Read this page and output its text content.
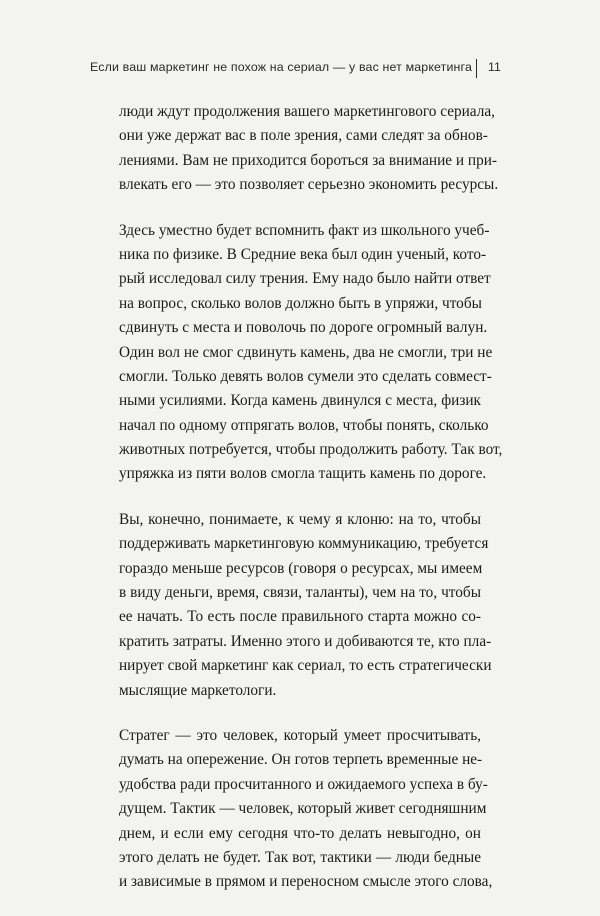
Если ваш маркетинг не похож на сериал — у вас нет маркетинга 11
люди ждут продолжения вашего маркетингового сериала,
они уже держат вас в поле зрения, сами следят за обнов-
лениями. Вам не приходится бороться за внимание и при-
влекать его — это позволяет серьезно экономить ресурсы.
Здесь уместно будет вспомнить факт из школьного учеб-
ника по физике. В Средние века был один ученый, кото-
рый исследовал силу трения. Ему надо было найти ответ
на вопрос, сколько волов должно быть в упряжи, чтобы
сдвинуть с места и поволочь по дороге огромный валун.
Один вол не смог сдвинуть камень, два не смогли, три не
смогли. Только девять волов сумели это сделать совмест-
ными усилиями. Когда камень двинулся с места, физик
начал по одному отпрягать волов, чтобы понять, сколько
животных потребуется, чтобы продолжить работу. Так вот,
упряжка из пяти волов смогла тащить камень по дороге.
Вы, конечно, понимаете, к чему я клоню: на то, чтобы
поддерживать маркетинговую коммуникацию, требуется
гораздо меньше ресурсов (говоря о ресурсах, мы имеем
в виду деньги, время, связи, таланты), чем на то, чтобы
ее начать. То есть после правильного старта можно со-
кратить затраты. Именно этого и добиваются те, кто пла-
нирует свой маркетинг как сериал, то есть стратегически
мыслящие маркетологи.
Стратег — это человек, который умеет просчитывать,
думать на опережение. Он готов терпеть временные не-
удобства ради просчитанного и ожидаемого успеха в бу-
дущем. Тактик — человек, который живет сегодняшним
днем, и если ему сегодня что-то делать невыгодно, он
этого делать не будет. Так вот, тактики — люди бедные
и зависимые в прямом и переносном смысле этого слова,
